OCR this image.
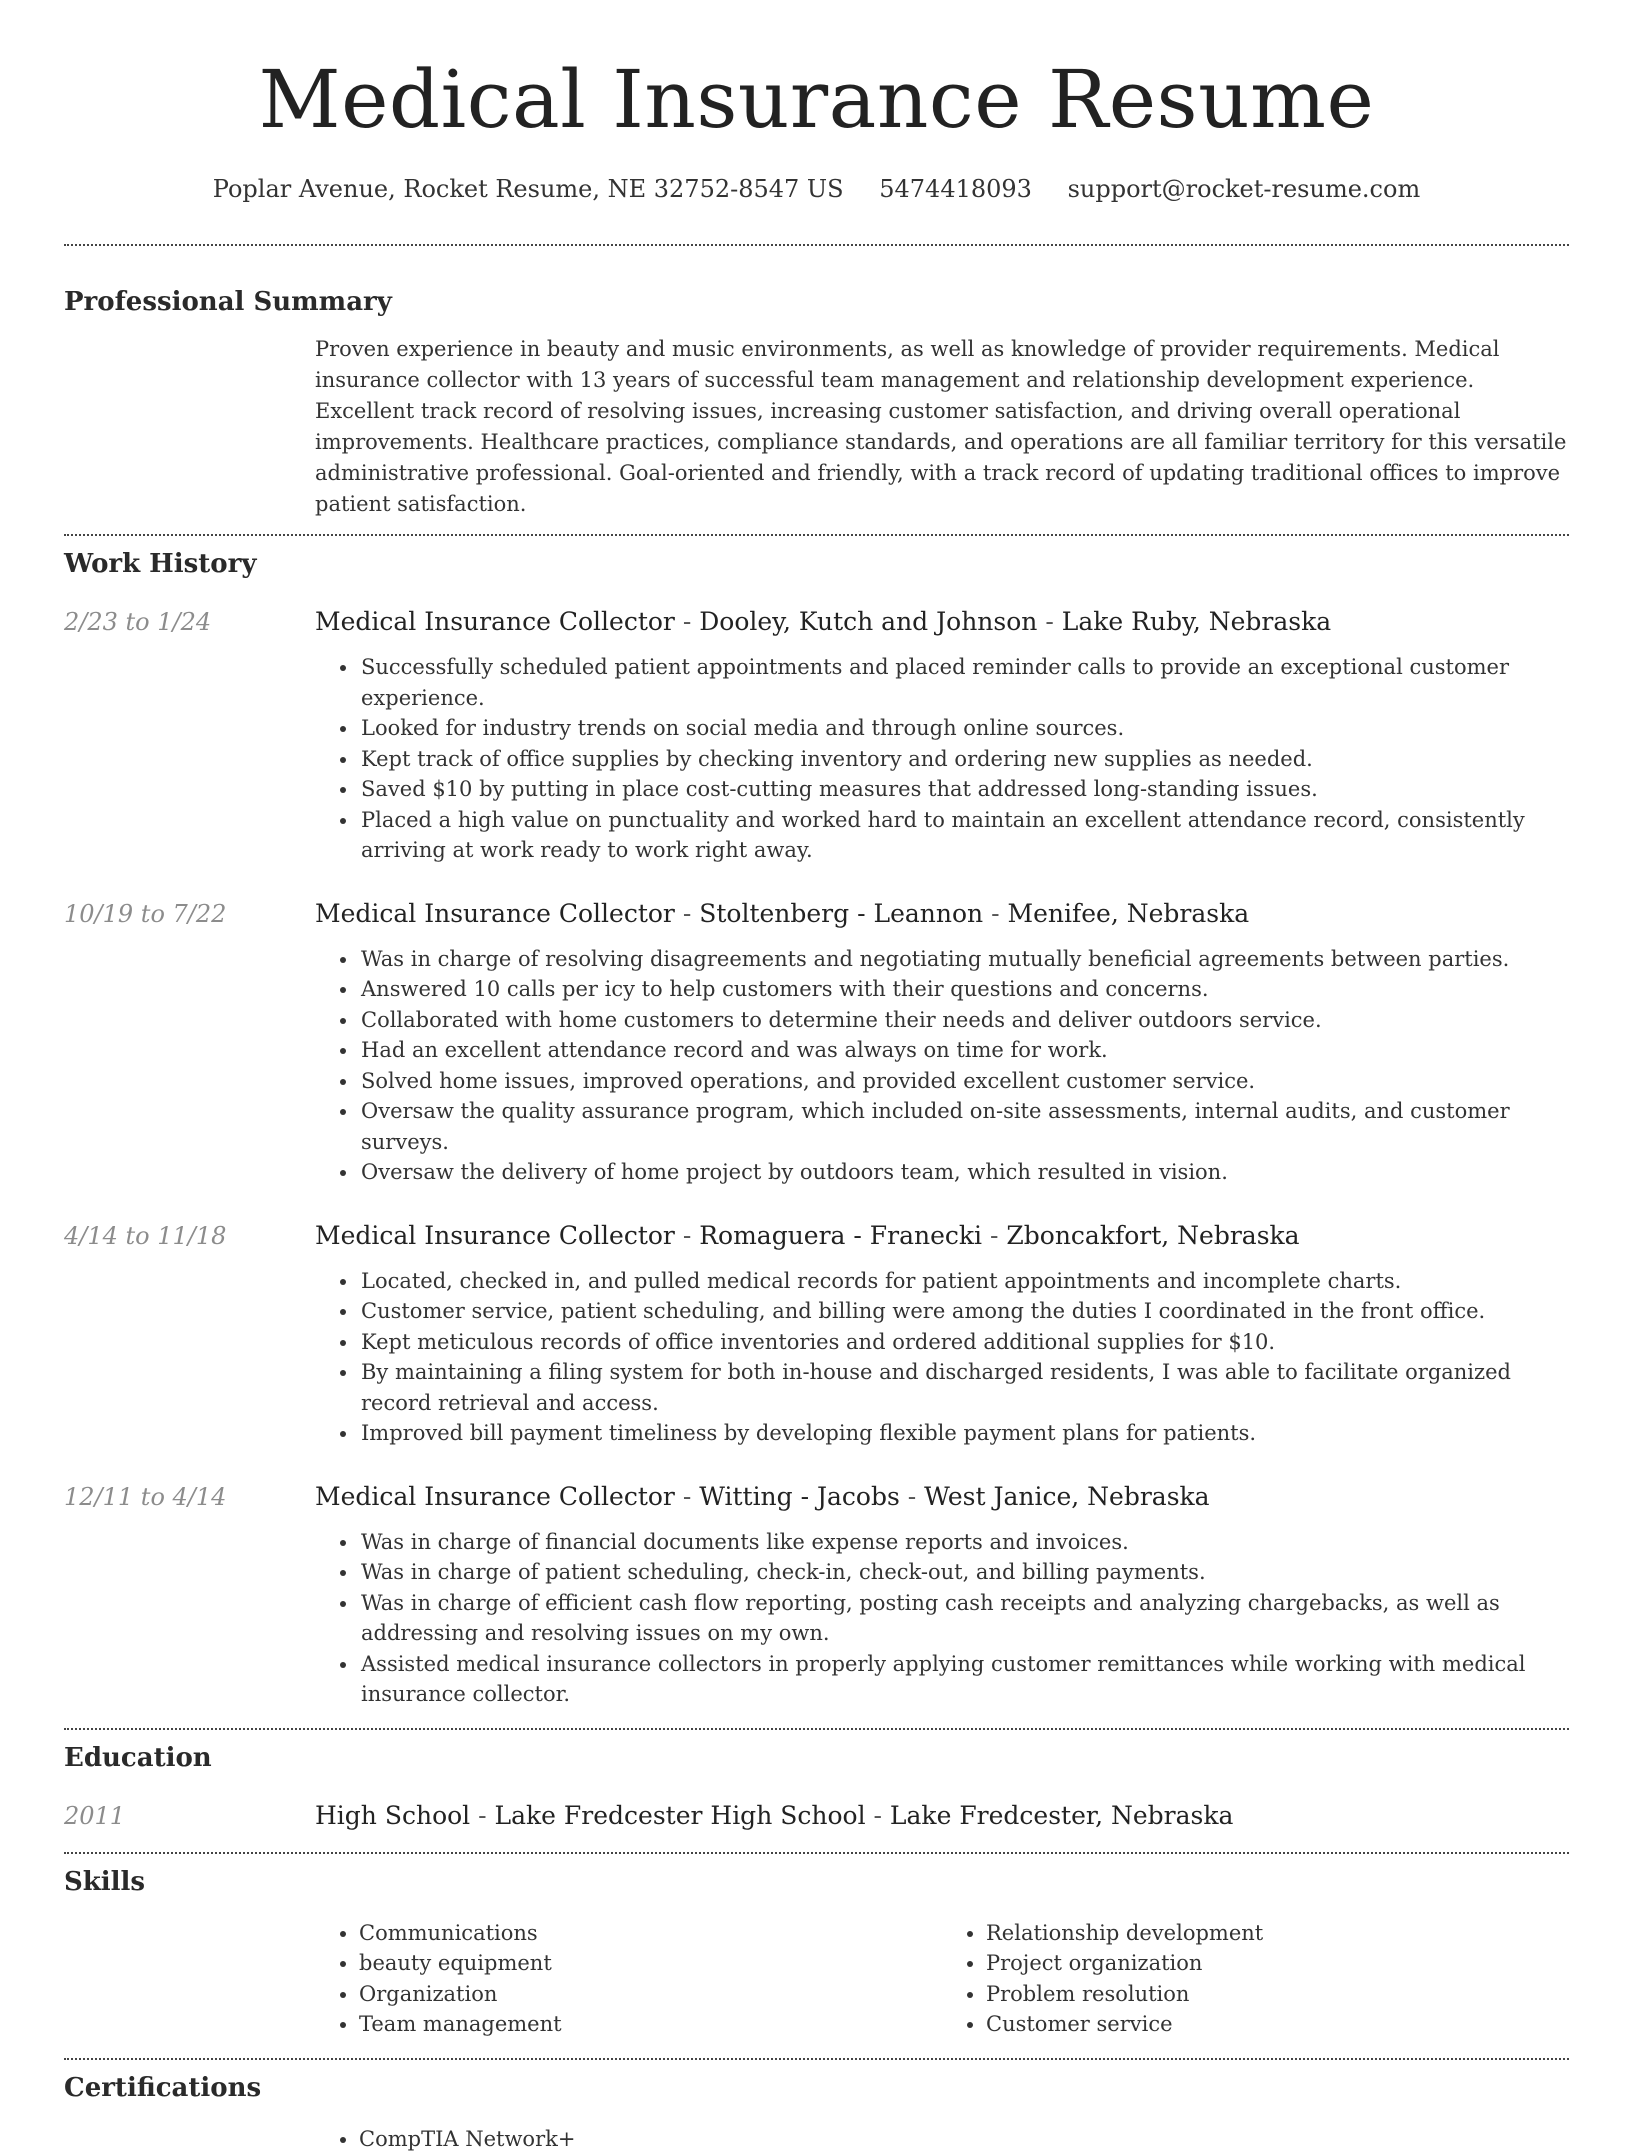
Medical Insurance Resume
Poplar Avenue, Rocket Resume, NE 32752-8547 US 5474418093 support@rocket-resume.com
Professional Summary
Proven experience in beauty and music environments, as well as knowledge of provider requirements. Medical insurance collector with 13 years of successful team management and relationship development experience. Excellent track record of resolving issues, increasing customer satisfaction, and driving overall operational improvements. Healthcare practices, compliance standards, and operations are all familiar territory for this versatile administrative professional. Goal-oriented and friendly, with a track record of updating traditional offices to improve patient satisfaction.
Work History
2/23 to 1/24	Medical Insurance Collector - Dooley, Kutch and Johnson - Lake Ruby, Nebraska
• Successfully scheduled patient appointments and placed reminder calls to provide an exceptional customer experience.
• Looked for industry trends on social media and through online sources.
• Kept track of office supplies by checking inventory and ordering new supplies as needed.
• Saved $10 by putting in place cost-cutting measures that addressed long-standing issues.
• Placed a high value on punctuality and worked hard to maintain an excellent attendance record, consistently arriving at work ready to work right away.
10/19 to 7/22	Medical Insurance Collector - Stoltenberg - Leannon - Menifee, Nebraska
• Was in charge of resolving disagreements and negotiating mutually beneficial agreements between parties.
• Answered 10 calls per icy to help customers with their questions and concerns.
• Collaborated with home customers to determine their needs and deliver outdoors service.
• Had an excellent attendance record and was always on time for work.
• Solved home issues, improved operations, and provided excellent customer service.
• Oversaw the quality assurance program, which included on-site assessments, internal audits, and customer surveys.
• Oversaw the delivery of home project by outdoors team, which resulted in vision.
4/14 to 11/18	Medical Insurance Collector - Romaguera - Franecki - Zboncakfort, Nebraska
• Located, checked in, and pulled medical records for patient appointments and incomplete charts.
• Customer service, patient scheduling, and billing were among the duties I coordinated in the front office.
• Kept meticulous records of office inventories and ordered additional supplies for $10.
• By maintaining a filing system for both in-house and discharged residents, I was able to facilitate organized record retrieval and access.
• Improved bill payment timeliness by developing flexible payment plans for patients.
12/11 to 4/14	Medical Insurance Collector - Witting - Jacobs - West Janice, Nebraska
• Was in charge of financial documents like expense reports and invoices.
• Was in charge of patient scheduling, check-in, check-out, and billing payments.
• Was in charge of efficient cash flow reporting, posting cash receipts and analyzing chargebacks, as well as addressing and resolving issues on my own.
• Assisted medical insurance collectors in properly applying customer remittances while working with medical insurance collector.
Education
2011	High School - Lake Fredcester High School - Lake Fredcester, Nebraska
Skills
• Communications
• beauty equipment
• Organization
• Team management
• Relationship development
• Project organization
• Problem resolution
• Customer service
Certifications
• CompTIA Network+
